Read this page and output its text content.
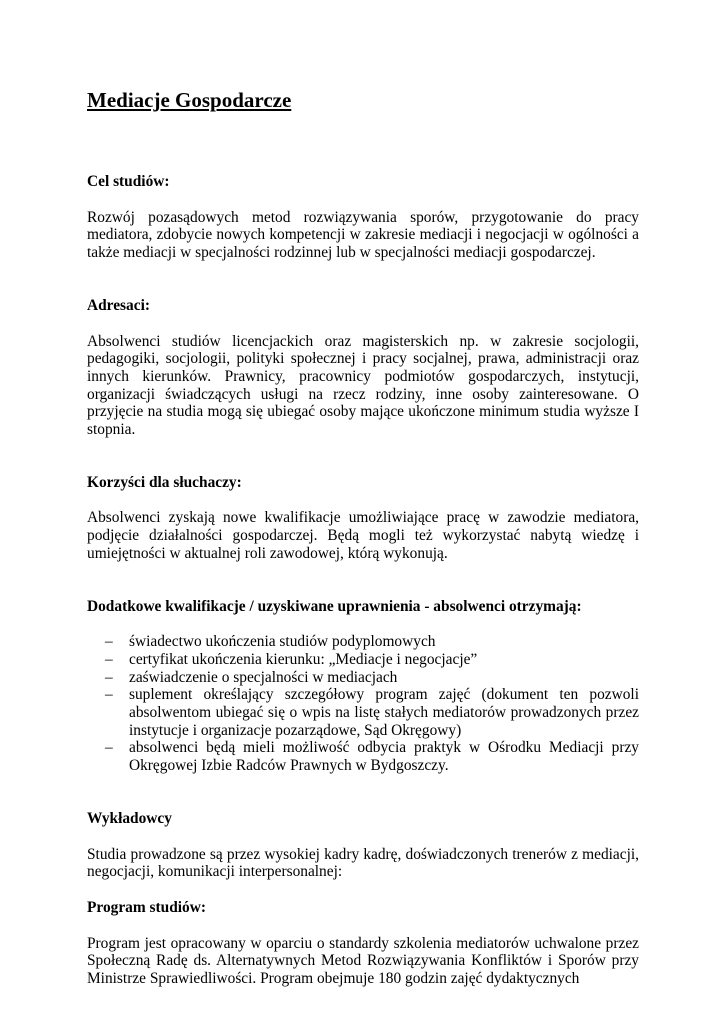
Mediacje Gospodarcze
Cel studiów:

Rozwój pozasądowych metod rozwiązywania sporów, przygotowanie do pracy mediatora, zdobycie nowych kompetencji w zakresie mediacji i negocjacji w ogólności a także mediacji w specjalności rodzinnej lub w specjalności mediacji gospodarczej.

Adresaci:

Absolwenci studiów licencjackich oraz magisterskich np. w zakresie socjologii, pedagogiki, socjologii, polityki społecznej i pracy socjalnej, prawa, administracji oraz innych kierunków. Prawnicy, pracownicy podmiotów gospodarczych, instytucji, organizacji świadczących usługi na rzecz rodziny, inne osoby zainteresowane. O przyjęcie na studia mogą się ubiegać osoby mające ukończone minimum studia wyższe I stopnia.

Korzyści dla słuchaczy:

Absolwenci zyskają nowe kwalifikacje umożliwiające pracę w zawodzie mediatora, podjęcie działalności gospodarczej. Będą mogli też wykorzystać nabytą wiedzę i umiejętności w aktualnej roli zawodowej, którą wykonują.

Dodatkowe kwalifikacje / uzyskiwane uprawnienia - absolwenci otrzymają:
– świadectwo ukończenia studiów podyplomowych
– certyfikat ukończenia kierunku: „Mediacje i negocjacje”
– zaświadczenie o specjalności w mediacjach
– suplement określający szczegółowy program zajęć (dokument ten pozwoli absolwentom ubiegać się o wpis na listę stałych mediatorów prowadzonych przez instytucje i organizacje pozarządowe, Sąd Okręgowy)
– absolwenci będą mieli możliwość odbycia praktyk w Ośrodku Mediacji przy Okręgowej Izbie Radców Prawnych w Bydgoszczy.
Wykładowcy

Studia prowadzone są przez wysokiej kadry kadrę, doświadczonych trenerów z mediacji, negocjacji, komunikacji interpersonalnej:

Program studiów:

Program jest opracowany w oparciu o standardy szkolenia mediatorów uchwalone przez Społeczną Radę ds. Alternatywnych Metod Rozwiązywania Konfliktów i Sporów przy Ministrze Sprawiedliwości. Program obejmuje 180 godzin zajęć dydaktycznych
